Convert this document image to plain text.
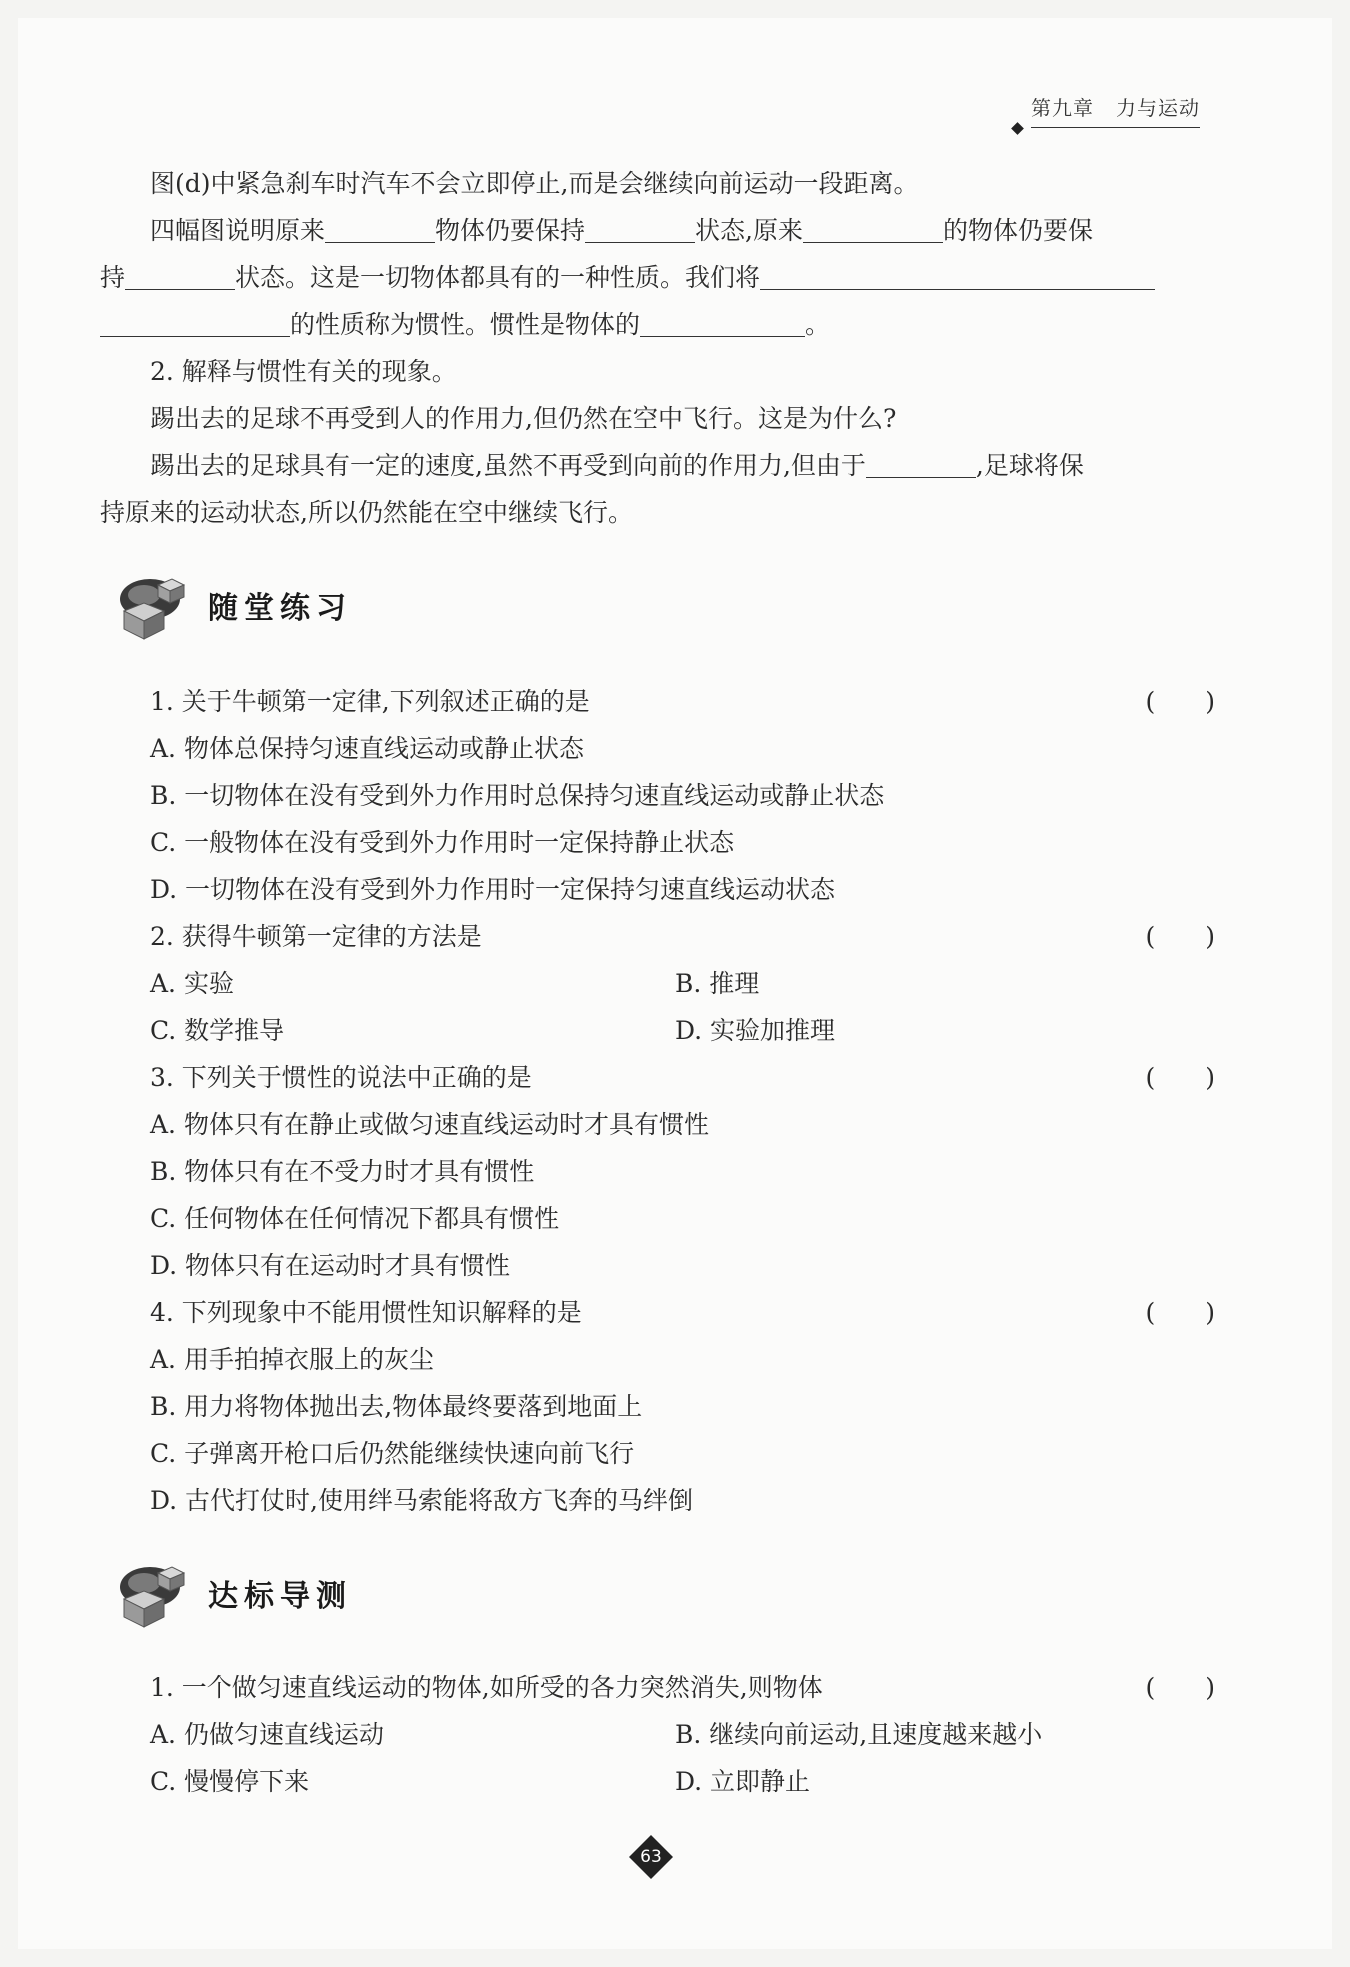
第九章 力与运动
图(d)中紧急刹车时汽车不会立即停止,而是会继续向前运动一段距离。
四幅图说明原来	物体仍要保持	状态,原来	的物体仍要保
持	状态。这是一切物体都具有的一种性质。我们将
的性质称为惯性。惯性是物体的	。
2. 解释与惯性有关的现象。
踢出去的足球不再受到人的作用力,但仍然在空中飞行。这是为什么?
踢出去的足球具有一定的速度,虽然不再受到向前的作用力,但由于	,足球将保
持原来的运动状态,所以仍然能在空中继续飞行。
随堂练习
1. 关于牛顿第一定律,下列叙述正确的是	(　　)
A. 物体总保持匀速直线运动或静止状态
B. 一切物体在没有受到外力作用时总保持匀速直线运动或静止状态
C. 一般物体在没有受到外力作用时一定保持静止状态
D. 一切物体在没有受到外力作用时一定保持匀速直线运动状态
2. 获得牛顿第一定律的方法是	(　　)
A. 实验	B. 推理
C. 数学推导	D. 实验加推理
3. 下列关于惯性的说法中正确的是	(　　)
A. 物体只有在静止或做匀速直线运动时才具有惯性
B. 物体只有在不受力时才具有惯性
C. 任何物体在任何情况下都具有惯性
D. 物体只有在运动时才具有惯性
4. 下列现象中不能用惯性知识解释的是	(　　)
A. 用手拍掉衣服上的灰尘
B. 用力将物体抛出去,物体最终要落到地面上
C. 子弹离开枪口后仍然能继续快速向前飞行
D. 古代打仗时,使用绊马索能将敌方飞奔的马绊倒
达标导测
1. 一个做匀速直线运动的物体,如所受的各力突然消失,则物体	(　　)
A. 仍做匀速直线运动	B. 继续向前运动,且速度越来越小
C. 慢慢停下来	D. 立即静止
63
